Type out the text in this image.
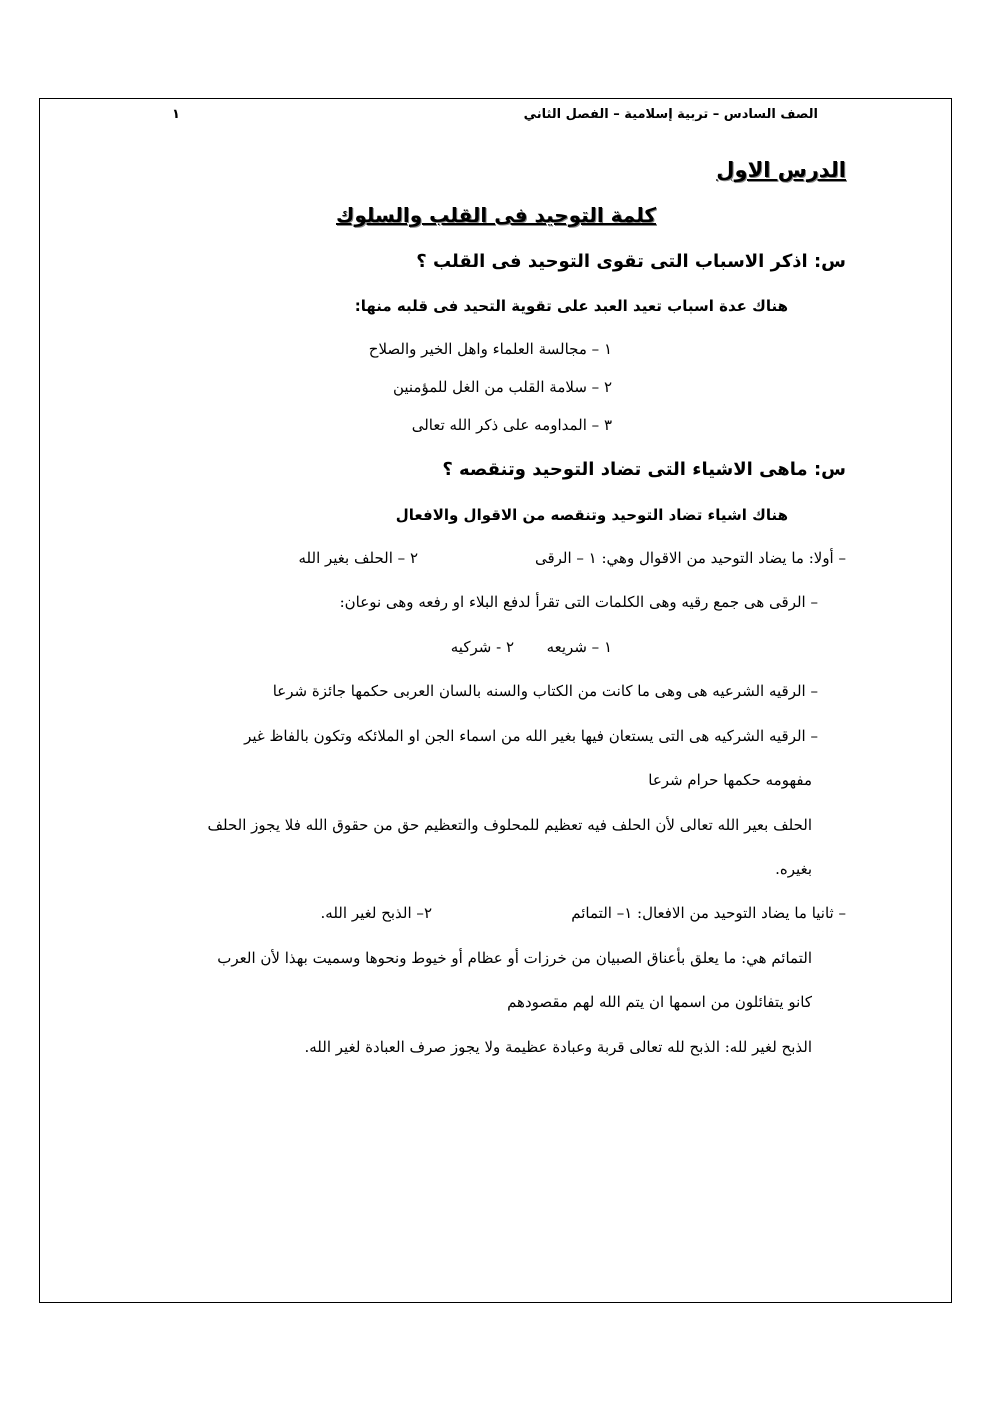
الصف السادس – تربية إسلامية – الفصل الثاني
١
الدرس الاول
كلمة التوحيد فى القلب والسلوك
س: اذكر الاسباب التى تقوى التوحيد فى القلب ؟
هناك عدة اسباب تعيد العبد على تقوية التحيد فى قلبه منها:
١ – مجالسة العلماء واهل الخير والصلاح
٢ – سلامة القلب من الغل للمؤمنين
٣ – المداومه على ذكر الله تعالى
س: ماهى الاشياء التى تضاد التوحيد وتنقصه ؟
هناك اشياء تضاد التوحيد وتنقصه من الاقوال والافعال
– أولا: ما يضاد التوحيد من الاقوال وهي: ١ – الرقى
٢ – الحلف بغير الله
– الرقى هى جمع رقيه وهى الكلمات التى تقرأ لدفع البلاء او رفعه وهى نوعان:
١ – شريعه
٢ - شركيه
– الرقيه الشرعيه هى وهى ما كانت من الكتاب والسنه بالسان العربى حكمها جائزة شرعا
– الرقيه الشركيه هى التى يستعان فيها بغير الله من اسماء الجن او الملائكه وتكون بالفاظ غير
مفهومه حكمها حرام شرعا
الحلف بعير الله تعالى لأن الحلف فيه تعظيم للمحلوف والتعظيم حق من حقوق الله فلا يجوز الحلف
بغيره.
– ثانيا ما يضاد التوحيد من الافعال: ١– التمائم
٢– الذبح لغير الله.
التمائم هي: ما يعلق بأعناق الصبيان من خرزات أو عظام أو خيوط ونحوها وسميت بهذا لأن العرب
كانو يتفائلون من اسمها ان يتم الله لهم مقصودهم
الذبح لغير لله: الذبح لله تعالى قربة وعبادة عظيمة ولا يجوز صرف العبادة لغير الله.
